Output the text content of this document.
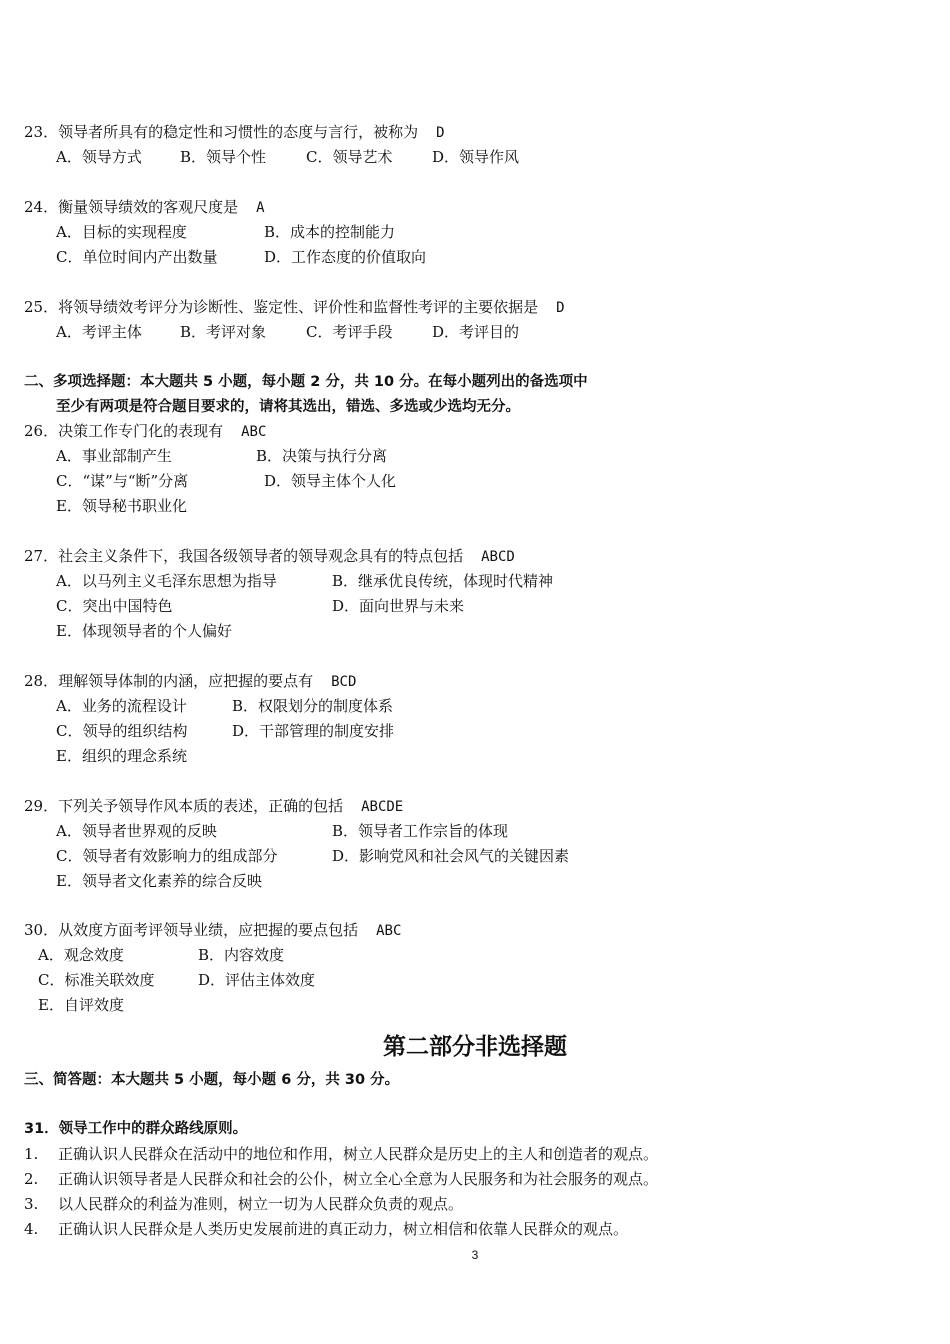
23．领导者所具有的稳定性和习惯性的态度与言行，被称为 D
A．领导方式	B．领导个性	C．领导艺术	D．领导作风
24．衡量领导绩效的客观尺度是 A
A．目标的实现程度	B．成本的控制能力
C．单位时间内产出数量	D．工作态度的价值取向
25．将领导绩效考评分为诊断性、鉴定性、评价性和监督性考评的主要依据是 D
A．考评主体	B．考评对象	C．考评手段	D．考评目的
二、多项选择题：本大题共 5 小题，每小题 2 分，共 10 分。在每小题列出的备选项中
至少有两项是符合题目要求的，请将其选出，错选、多选或少选均无分。
26．决策工作专门化的表现有 ABC
A．事业部制产生	B．决策与执行分离
C．“谋”与“断”分离	D．领导主体个人化
E．领导秘书职业化
27．社会主义条件下，我国各级领导者的领导观念具有的特点包括 ABCD
A．以马列主义毛泽东思想为指导	B．继承优良传统，体现时代精神
C．突出中国特色	D．面向世界与未来
E．体现领导者的个人偏好
28．理解领导体制的内涵，应把握的要点有 BCD
A．业务的流程设计	B．权限划分的制度体系
C．领导的组织结构	D．干部管理的制度安排
E．组织的理念系统
29．下列关予领导作风本质的表述，正确的包括 ABCDE
A．领导者世界观的反映	B．领导者工作宗旨的体现
C．领导者有效影响力的组成部分	D．影响党风和社会风气的关键因素
E．领导者文化素养的综合反映
30．从效度方面考评领导业绩，应把握的要点包括 ABC
A．观念效度	B．内容效度
C．标准关联效度	D．评估主体效度
E．自评效度
第二部分非选择题
三、简答题：本大题共 5 小题，每小题 6 分，共 30 分。
31．领导工作中的群众路线原则。
1. 正确认识人民群众在活动中的地位和作用，树立人民群众是历史上的主人和创造者的观点。
2. 正确认识领导者是人民群众和社会的公仆，树立全心全意为人民服务和为社会服务的观点。
3. 以人民群众的利益为准则，树立一切为人民群众负责的观点。
4. 正确认识人民群众是人类历史发展前进的真正动力，树立相信和依靠人民群众的观点。
3
